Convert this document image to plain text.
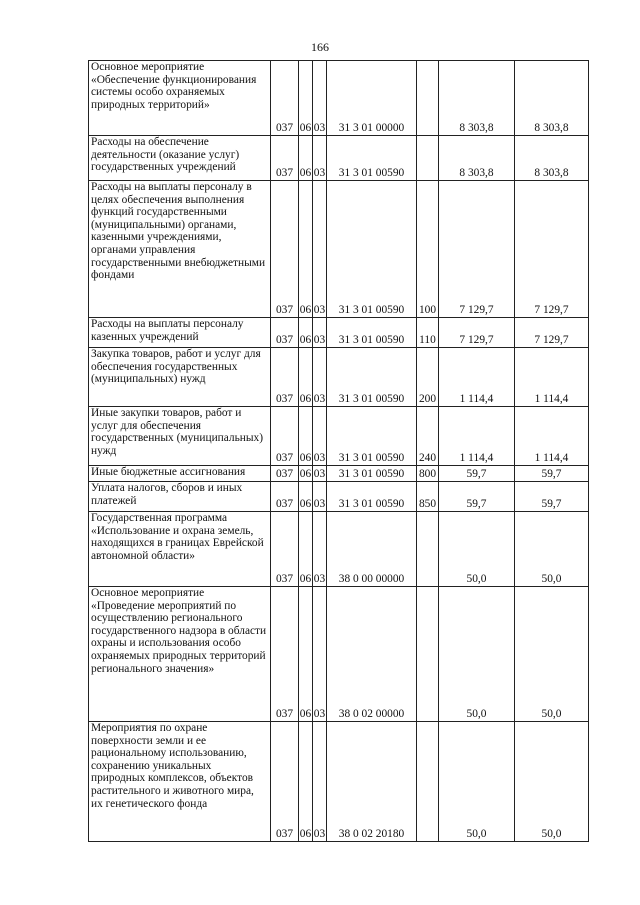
166
Основное мероприятие «Обеспечение функционирования системы особо охраняемых природных территорий»	037	06	03	31 3 01 00000		8 303,8	8 303,8
Расходы на обеспечение деятельности (оказание услуг) государственных учреждений	037	06	03	31 3 01 00590		8 303,8	8 303,8
Расходы на выплаты персоналу в целях обеспечения выполнения функций государственными (муниципальными) органами, казенными учреждениями, органами управления государственными внебюджетными фондами	037	06	03	31 3 01 00590	100	7 129,7	7 129,7
Расходы на выплаты персоналу казенных учреждений	037	06	03	31 3 01 00590	110	7 129,7	7 129,7
Закупка товаров, работ и услуг для обеспечения государственных (муниципальных) нужд	037	06	03	31 3 01 00590	200	1 114,4	1 114,4
Иные закупки товаров, работ и услуг для обеспечения государственных (муниципальных) нужд	037	06	03	31 3 01 00590	240	1 114,4	1 114,4
Иные бюджетные ассигнования	037	06	03	31 3 01 00590	800	59,7	59,7
Уплата налогов, сборов и иных платежей	037	06	03	31 3 01 00590	850	59,7	59,7
Государственная программа «Использование и охрана земель, находящихся в границах Еврейской автономной области»	037	06	03	38 0 00 00000		50,0	50,0
Основное мероприятие «Проведение мероприятий по осуществлению регионального государственного надзора в области охраны и использования особо охраняемых природных территорий регионального значения»	037	06	03	38 0 02 00000		50,0	50,0
Мероприятия по охране поверхности земли и ее рациональному использованию, сохранению уникальных природных комплексов, объектов растительного и животного мира, их генетического фонда	037	06	03	38 0 02 20180		50,0	50,0
